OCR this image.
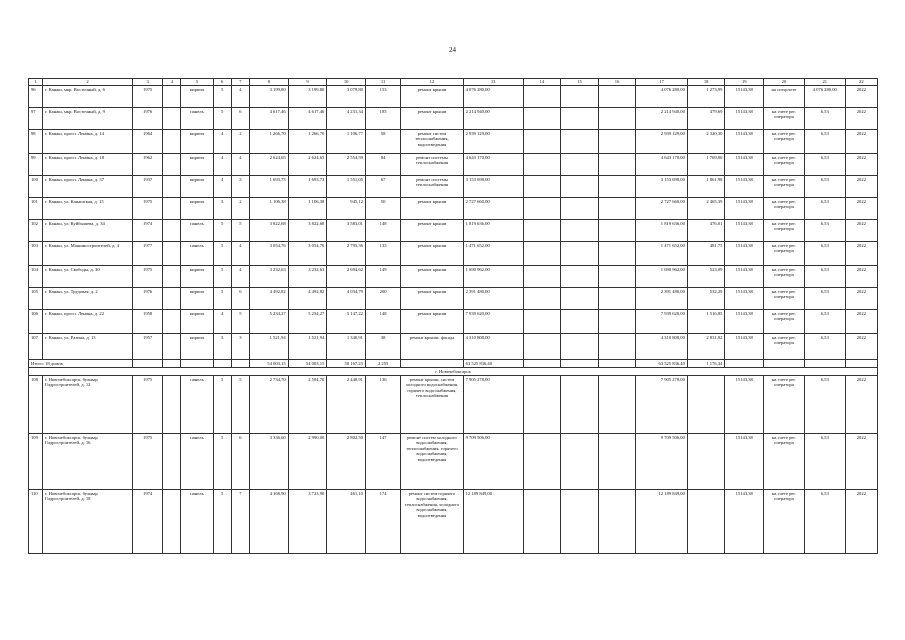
24
1	2	3	4	5	6	7	8	9	10	11	12	13	14	15	16	17	18	19	20	21	22
96	г. Канаш, мкр. Восточный, д. 6	1975		кирпич	5	4	3 199,80	3 199,80	3 079,80	153	ремонт крыши	4 076 280,00				4 076 280,00	1 273,99	15143,38	на спецсчете	4 076 280,00	2022
97	г. Канаш, мкр. Восточный, д. 9	1976		панель	5	6	4 617,46	4 617,46	4 231,34	185	ремонт крыши	2 214 940,00				2 214 940,00	479,69	15143,38	на счете рег. оператора	6,53	2022
98	г. Канаш, просп. Ленина, д. 14	1964		кирпич	4	2	1 266,70	1 266,70	1 106,77	58	ремонт систем теплоснабжения, водоотведения	2 939 129,00				2 939 129,00	2 320,30	15143,38	на счете рег. оператора	6,53	2022
99	г. Канаш, просп. Ленина, д. 18	1962		кирпич	4	4	2 624,65	2 624,65	2 554,59	84	ремонт системы теплоснабжения	4 643 170,00				4 643 170,00	1 769,06	15143,38	на счете рег. оператора	6,53	2022
100	г. Канаш, просп. Ленина, д. 37	1937		кирпич	4	3	1 693,73	1 693,73	1 551,05	67	ремонт системы теплоснабжения	3 153 698,00				3 153 698,00	1 861,98	15143,38	на счете рег. оператора	6,53	2022
101	г. Канаш, ул. Канашская, д. 15	1975		кирпич	3	2	1 106,38	1 106,38	945,12	50	ремонт крыши	2 727 660,00				2 727 660,00	2 465,39	15143,38	на счете рег. оператора	6,53	2022
102	г. Канаш, ул. Куйбышева, д. 34	1974		панель	5	5	3 822,68	3 822,68	3 583,01	148	ремонт крыши	1 819 636,00				1 819 636,00	476,01	15143,38	на счете рег. оператора	6,53	2022
103	г. Канаш, ул. Машиностроителей, д. 4	1977		панель	5	4	3 054,76	3 054,76	2 795,36	135	ремонт крыши	1 471 652,00				1 471 652,00	481,75	15143,38	на счете рег. оператора	6,53	2022
104	г. Канаш, ул. Свободы, д. 30	1975		кирпич	5	4	3 232,63	3 232,63	2 694,62	149	ремонт крыши	1 690 962,00				1 690 962,00	523,09	15143,38	на счете рег. оператора	6,53	2022
105	г. Канаш, ул. Трудовая, д. 2	1976		кирпич	5	6	4 492,82	4 492,82	4 034,79	200	ремонт крыши	2 391 480,00				2 391 480,00	532,29	15143,38	на счете рег. оператора	6,53	2022
106	г. Канаш, просп. Ленина, д. 22	1958		кирпич	4	5	5 234,27	5 234,27	5 147,22	148	ремонт крыши	7 939 620,00				7 939 620,00	1 516,85	15143,38	на счете рег. оператора	6,53	2022
107	г. Канаш, ул. Разина, д. 13	1957		кирпич	3	3	1 521,94	1 521,94	1 340,91	38	ремонт крыши, фасада	4 310 808,00				4 310 808,00	2 831,92	15143,38	на счете рег. оператора	6,53	2022
Итого: 18 домов							54 003,15	54 003,15	50 167,23	2 255		63 525 836,40				63 525 836,40	1 176,34				
г. Новочебоксарск																					
108	г. Новочебоксарск, бульвар Гидростроителей, д. 12	1975		панель	5	5	2 734,70	2 504,70	2 440,91	136	ремонт крыши, систем холодного водоснабжения, горячего водоснабжения, теплоснабжения	7 905 278,00				7 905 278,00		15143,38	на счете рег. оператора	6,53	2022
109	г. Новочебоксарск, бульвар Гидростроителей, д. 16	1975		панель	5	6	3 336,60	2 990,00	2 802,50	147	ремонт систем холодного водоснабжения, теплоснабжения, горячего водоснабжения, водоотведения	9 709 506,00				9 709 506,00		15143,38	на счете рег. оператора	6,53	2022
110	г. Новочебоксарск, бульвар Гидростроителей, д. 18	1974		панель	5	7	4 168,90	3 723,90	461,10	174	ремонт систем горячего водоснабжения, теплоснабжения, холодного водоснабжения, водоотведения	12 189 849,00				12 189 849,00		15143,38	на счете рег. оператора	6,53	2022
